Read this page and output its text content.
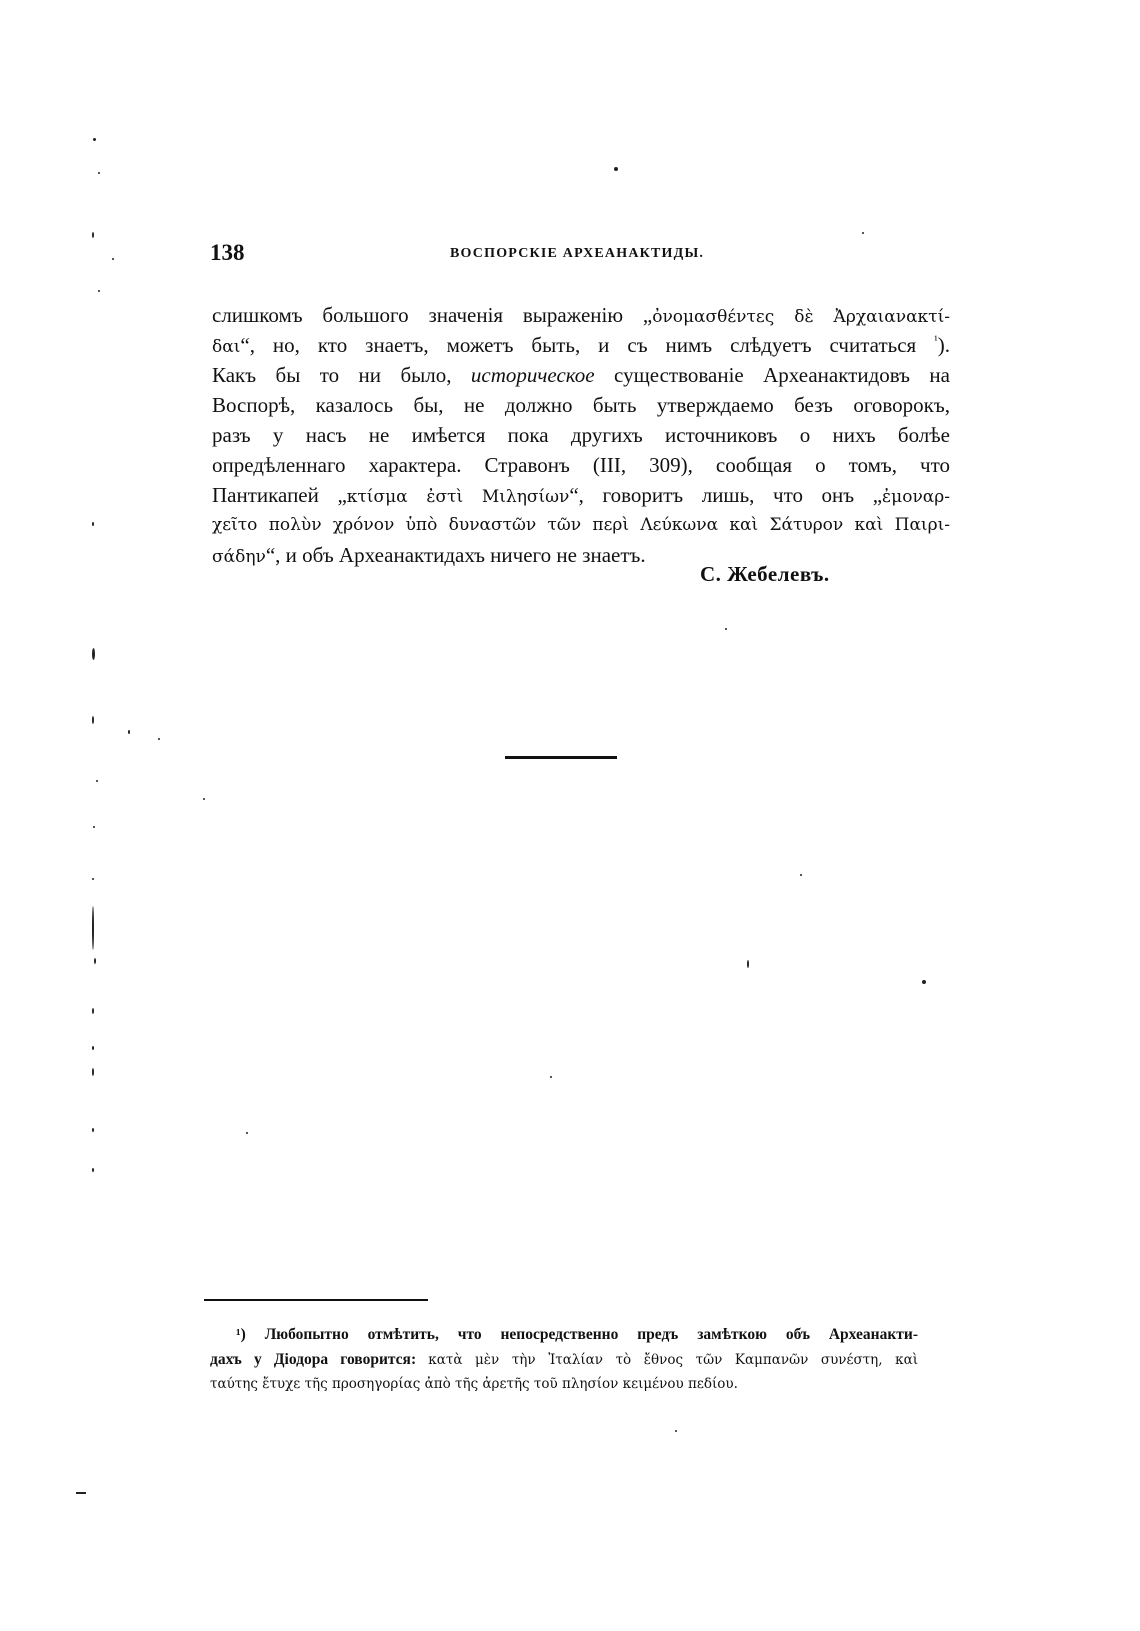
138	ВОСПОРСКІЕ АРХЕАНАКТИДЫ.
слишкомъ большого значенія выраженію „ὀνομασθέντες δὲ Ἀρχαιανακτί-
δαι“, но, кто знаетъ, можетъ быть, и съ нимъ слѣдуетъ считаться $^{^1}$).
Какъ бы то ни было, историческое существованіе Археанактидовъ на
Воспорѣ, казалось бы, не должно быть утверждаемо безъ оговорокъ,
разъ у насъ не имѣется пока другихъ источниковъ о нихъ болѣе
опредѣленнаго характера. Стравонъ (III, 309), сообщая о томъ, что
Пантикапей „κτίσμα ἐστὶ Μιλησίων“, говоритъ лишь, что онъ „ἐμοναρ-
χεῖτο πολὺν χρόνον ὑπὸ δυναστῶν τῶν περὶ Λεύκωνα καὶ Σάτυρον καὶ Παιρι-
σάδην“, и объ Археанактидахъ ничего не знаетъ.
С. Жебелевъ.
¹) Любопытно отмѣтить, что непосредственно предъ замѣткою объ Археанакти-
дахъ у Діодора говорится: κατὰ μὲν τὴν Ἰταλίαν τὸ ἔθνος τῶν Καμπανῶν συνέστη, καὶ
ταύτης ἔτυχε τῆς προσηγορίας ἀπὸ τῆς ἀρετῆς τοῦ πλησίον κειμένου πεδίου.
